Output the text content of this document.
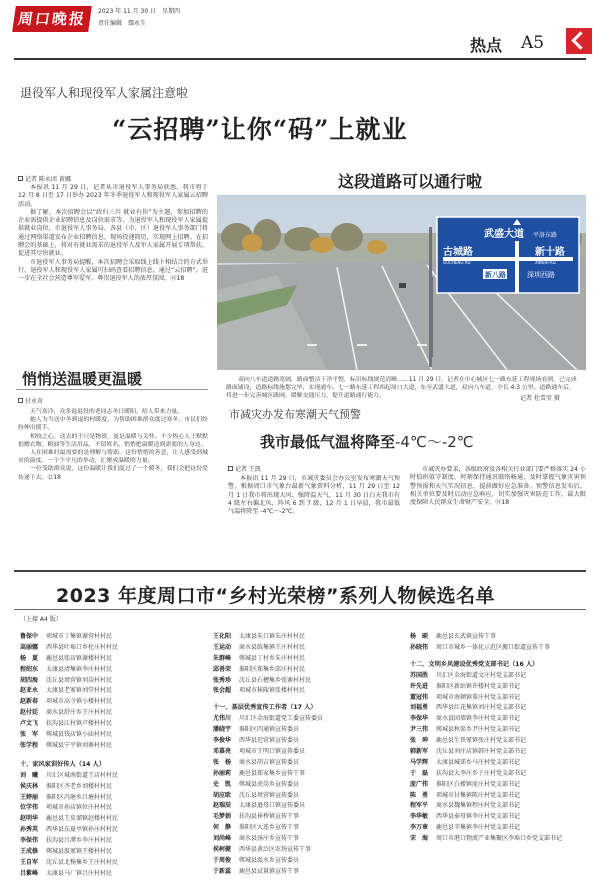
周口晚报	2023 年 11 月 30 日　星期四
责任编辑　鄢永生
热点 A5
退役军人和现役军人家属注意啦
“云招聘”让你“码”上就业
这段道路可以通行啦
记者 陈永团 黄娜

本报讯 11 月 29 日，记者从市退役军人事务局获悉，我市将于 12 月 8 日至 17 日举办 2023 年冬季退役军人和现役军人家属云招聘活动。

据了解，本次招聘会以“政归三川 就业有你”为主题，参加招聘的企业需提供企业招聘信息及岗位需求等，为退役军人和现役军人家属提供就业岗位，市退役军人事务局、各县（市、区）退役军人事务部门将通过网络渠道发布企业招聘信息，现场投递简历，实现网上招聘。在招聘会的基础上，将对有就业需求的退役军人及军人家属开展专项帮扶，促进其尽快就业。

市退役军人事务局提醒，本次招聘会采取线上线下相结合的方式举行，退役军人和现役军人家属可扫码查看招聘信息。通过“云招聘”，进一步在全社会营造尊军爱军、尊崇退役军人的浓厚氛围。⑫18

武盛大道 平洛东路
古城路
GUCHENG RD
新十路
XINSHI RD
新八路	深圳西路
双向八车道道路宽阔，路面整洁干净平整，标识标线规范清晰……11 月 29 日，记者在中心城区七一路东延工程现场看到，已完成路面铺设，道路标线施划完毕，实现通车。七一路东延工程西起周口大道，东至武盛大道，双向八车道，全长 4.3 公里。道路通车后，将进一步完善城区路网，缓解交通压力，提升道路通行能力。	记者 杜雪莹 摄
悄悄送温暖更温暖
付永奇

天气寒冷，众多退退役的老同志冬日暖阳，给人带来力量。

她人为当送中冬到退的村暖度，为帮助困难群众度过寒冬，市民们纷纷伸出援手。

相较之心，送去的不只是物资，更是温暖与关怀。不少热心人士默默捐赠衣物、粮油等生活用品，不留姓名，悄悄把温暖送到需要的人身边。

人在困难时最需要的是理解与帮助，这份悄悄的善意，让人感受到城市的温度。一个个平凡的举动，汇聚成温暖的力量。

一位受助群众说，这份温暖让我们度过了一个暖冬，我们会把这份爱传递下去。⑫18

市减灾办发布寒潮天气预警
我市最低气温将降至-4℃～-2℃
记者 王凯

本报讯 11 月 29 日，市减灾委员会办公室发布寒潮天气预警，根据周口市气象台最新气象资料分析，11 月 29 日至 12 月 1 日我市将出现大风、强降温天气，11 月 30 日白天我市有 4 级左右偏北风，阵风 6 到 7 级，12 月 1 日早晨，我市最低气温将降至 -4℃～-2℃。

市减灾办要求，各级政府及各相关行业部门要严格落实 24 小时值班值守制度，时刻保持通讯联络畅通，及时掌握气象灾害预警预报和天气实况信息，提前做好应急准备。预警信息发布后，相关单位要及时启动应急响应，切实加强灾害防范工作，最大限度保障人民群众生命财产安全。⑫18

2023 年度周口市“乡村光荣榜”系列人物候选名单
（上接 A4 版）
鲁保中	项城市丁集镇谢营村村民
高丽娜	西华县叶埠口乡杜庄村村民
杨　夏	鹿邑县张店镇谢楼村村民
程绍东	太康县清集镇李庄村村民
胡四海	沈丘县周营镇刘岗村村民
赵亚永	太康县老冢镇刘堂村村民
赵新春	项城市高寺镇小楼村村民
赵付廷	商水县舒庄乡王庄村村民
卢文飞	扶沟县江村镇卢楼村村民
张　军	郸城县钱店镇小庙村村民
张学程	郸城县宁平镇刘寨村村民
十、家风家训好传人（14 人）
刘　曦	川汇区城南街道王店村村民
侯庆林	淮阳区齐老乡刘楼村村民
王婷丽	淮阳区冯塘乡吕塘村村民
位学伟	项城市孙店镇位庄村村民
赵明华	鹿邑县王皮溜镇赵楼村村民
孙秀英	西华县东夏亭镇孙庄村村民
李保伟	扶沟县吕潭乡李庄村村民
王成修	郸城县汲冢镇王楼村村民
王自军	沈丘县北杨集乡王庄村村民
吕紫峰	太康县马厂镇吕庄村村民
王化阳	太康县朱口镇朱庄村村民
王运动	商水县练集镇王庄村村民
朱群峰	郸城县丁村乡朱庄村村民
邱善荣	淮阳区郑集乡邱庄村村民
张秀珍	沈丘县石槽集乡张寨村村民
张会超	项城市秣陵镇张楼村村民
十一、基层优秀宣传工作者（17 人）
尤伟川	川汇区金海街道党工委宣传委员
潘晓宇	淮阳区四通镇宣传委员
李俊华	西华县迟营镇宣传委员
邓慕亮	项城市王明口镇宣传委员
张　杨	商水县胡吉镇宣传委员
孙丽莉	鹿邑县郑家集乡宣传干事
史　凯	郸城县虎岗乡宣传委员
胡应欧	沈丘县周营镇宣传委员
赵瑞辰	太康县逊母口镇宣传委员
毛梦娟	扶沟县崔桥镇宣传干事
何　静	淮阳区大连乡宣传干事
刘尚峰	商水县汤庄乡宣传干事
侯柯健	西华县黄泛区农场宣传干事
于周俊	郸城县汲水乡宣传委员
于新蕊	鹿邑县试量镇宣传干事
杨　硕	鹿邑县玄武镇宣传干事
孙晓伟	周口市城乡一体化示范区搬口街道宣传干事
十二、文明乡风建设优秀党支部书记（16 人）
苏国胜	川汇区金海街道文庄村党支部书记
许先进	淮阳区新站镇许楼村党支部书记
董冠伟	项城市南顿镇董庄村党支部书记
刘福勇	西华县红花集镇刘庄村党支部书记
李保华	商水县固墙镇李庄村党支部书记
尹三伟	郸城县秋渠乡尹庄村党支部书记
张　珅	鹿邑县生铁冢镇张庄村党支部书记
韩新军	沈丘县刘庄店镇韩庄村党支部书记
马学辉	太康县城郊乡马庄村党支部书记
于　磊	扶沟县大李庄乡于庄村党支部书记
庞广伟	淮阳区白楼镇庞庄村党支部书记
陈　勇	项城市付集镇陈庄村党支部书记
程军平	商水县魏集镇程庄村党支部书记
李华敏	西华县奉母镇李庄村党支部书记
李万章	鹿邑县辛集镇李庄村党支部书记
宋　海	周口市港口物流产业集聚区李埠口乡党支部书记
